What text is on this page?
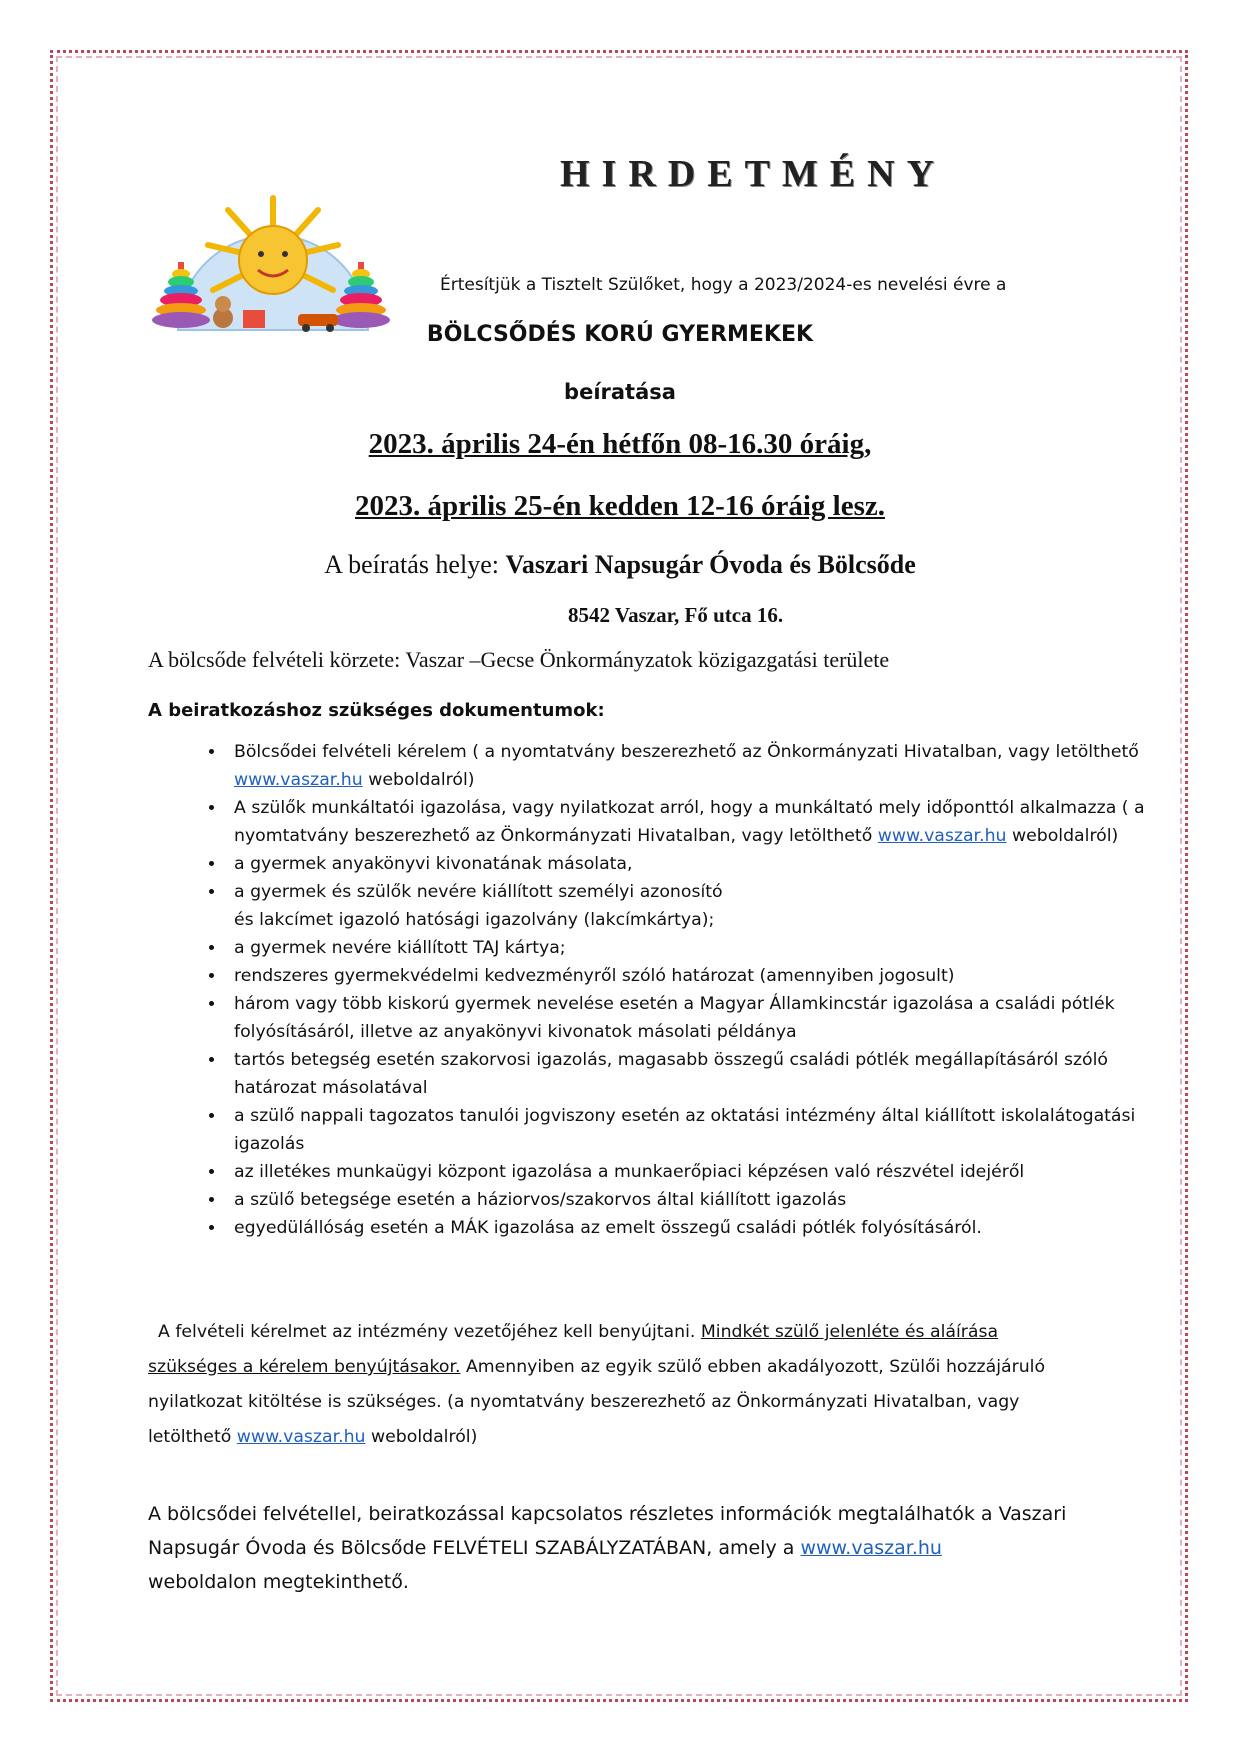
HIRDETMÉNY
Értesítjük a Tisztelt Szülőket, hogy a 2023/2024-es nevelési évre a
BÖLCSŐDÉS KORÚ GYERMEKEK
beíratása
2023. április 24-én hétfőn 08-16.30 óráig,
2023. április 25-én kedden 12-16 óráig lesz.
A beíratás helye: Vaszari Napsugár Óvoda és Bölcsőde
8542 Vaszar, Fő utca 16.
A bölcsőde felvételi körzete: Vaszar –Gecse Önkormányzatok közigazgatási területe
A beiratkozáshoz szükséges dokumentumok:
• Bölcsődei felvételi kérelem ( a nyomtatvány beszerezhető az Önkormányzati Hivatalban, vagy letölthető www.vaszar.hu weboldalról)
• A szülők munkáltatói igazolása, vagy nyilatkozat arról, hogy a munkáltató mely időponttól alkalmazza ( a nyomtatvány beszerezhető az Önkormányzati Hivatalban, vagy letölthető www.vaszar.hu weboldalról)
• a gyermek anyakönyvi kivonatának másolata,
• a gyermek és szülők nevére kiállított személyi azonosító
és lakcímet igazoló hatósági igazolvány (lakcímkártya);
• a gyermek nevére kiállított TAJ kártya;
• rendszeres gyermekvédelmi kedvezményről szóló határozat (amennyiben jogosult)
• három vagy több kiskorú gyermek nevelése esetén a Magyar Államkincstár igazolása a családi pótlék folyósításáról, illetve az anyakönyvi kivonatok másolati példánya
• tartós betegség esetén szakorvosi igazolás, magasabb összegű családi pótlék megállapításáról szóló határozat másolatával
• a szülő nappali tagozatos tanulói jogviszony esetén az oktatási intézmény által kiállított iskolalátogatási igazolás
• az illetékes munkaügyi központ igazolása a munkaerőpiaci képzésen való részvétel idejéről
• a szülő betegsége esetén a háziorvos/szakorvos által kiállított igazolás
• egyedülállóság esetén a MÁK igazolása az emelt összegű családi pótlék folyósításáról.
A felvételi kérelmet az intézmény vezetőjéhez kell benyújtani. Mindkét szülő jelenléte és aláírása szükséges a kérelem benyújtásakor. Amennyiben az egyik szülő ebben akadályozott, Szülői hozzájáruló nyilatkozat kitöltése is szükséges. (a nyomtatvány beszerezhető az Önkormányzati Hivatalban, vagy letölthető www.vaszar.hu weboldalról)
A bölcsődei felvétellel, beiratkozással kapcsolatos részletes információk megtalálhatók a Vaszari Napsugár Óvoda és Bölcsőde FELVÉTELI SZABÁLYZATÁBAN, amely a www.vaszar.hu
weboldalon megtekinthető.
